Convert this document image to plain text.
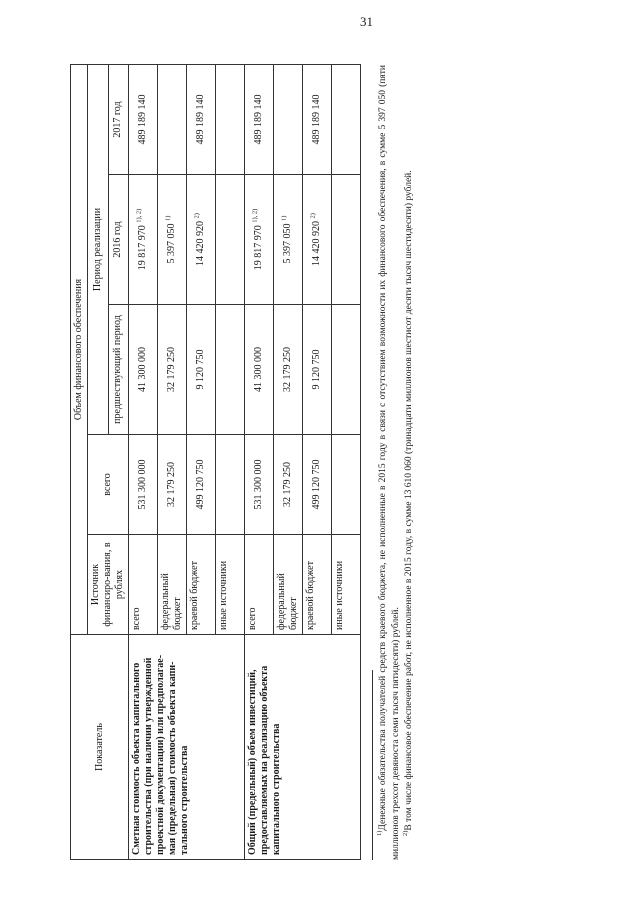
31
Показатель	Объем финансового обеспечения				
	Источник финансиро-вания, в рублях	всего	Период реализации		
			предшествующий период	2016 год	2017 год
Сметная стоимость объекта капитального строительства (при наличии утвержденной проектной документации) или предполагае-мая (предельная) стоимость объекта капи-тального строительства	всего	531 300 000	41 300 000	19 817 970 $^{1), 2)}$	489 189 140
	федеральный бюджет	32 179 250	32 179 250	5 397 050 $^{1)}$	
	краевой бюджет	499 120 750	9 120 750	14 420 920 $^{2)}$	489 189 140
	иные источники				
Общий (предельный) объем инвестиций, предоставляемых на реализацию объекта капитального строительства	всего	531 300 000	41 300 000	19 817 970 $^{1), 2)}$	489 189 140
	федеральный бюджет	32 179 250	32 179 250	5 397 050 $^{1)}$	
	краевой бюджет	499 120 750	9 120 750	14 420 920 $^{2)}$	489 189 140
	иные источники				

$^{1)}$Денежные обязательства получателей средств краевого бюджета, не исполненные в 2015 году в связи с отсутствием возможности их финансового обеспечения, в сумме 5 397 050 (пяти миллионов трехсот девяноста семи тысяч пятидесяти) рублей. $^{2)}$В том числе финансовое обеспечение работ, не исполненное в 2015 году, в сумме 13 610 060 (тринадцати миллионов шестисот десяти тысяч шестидесяти) рублей.
